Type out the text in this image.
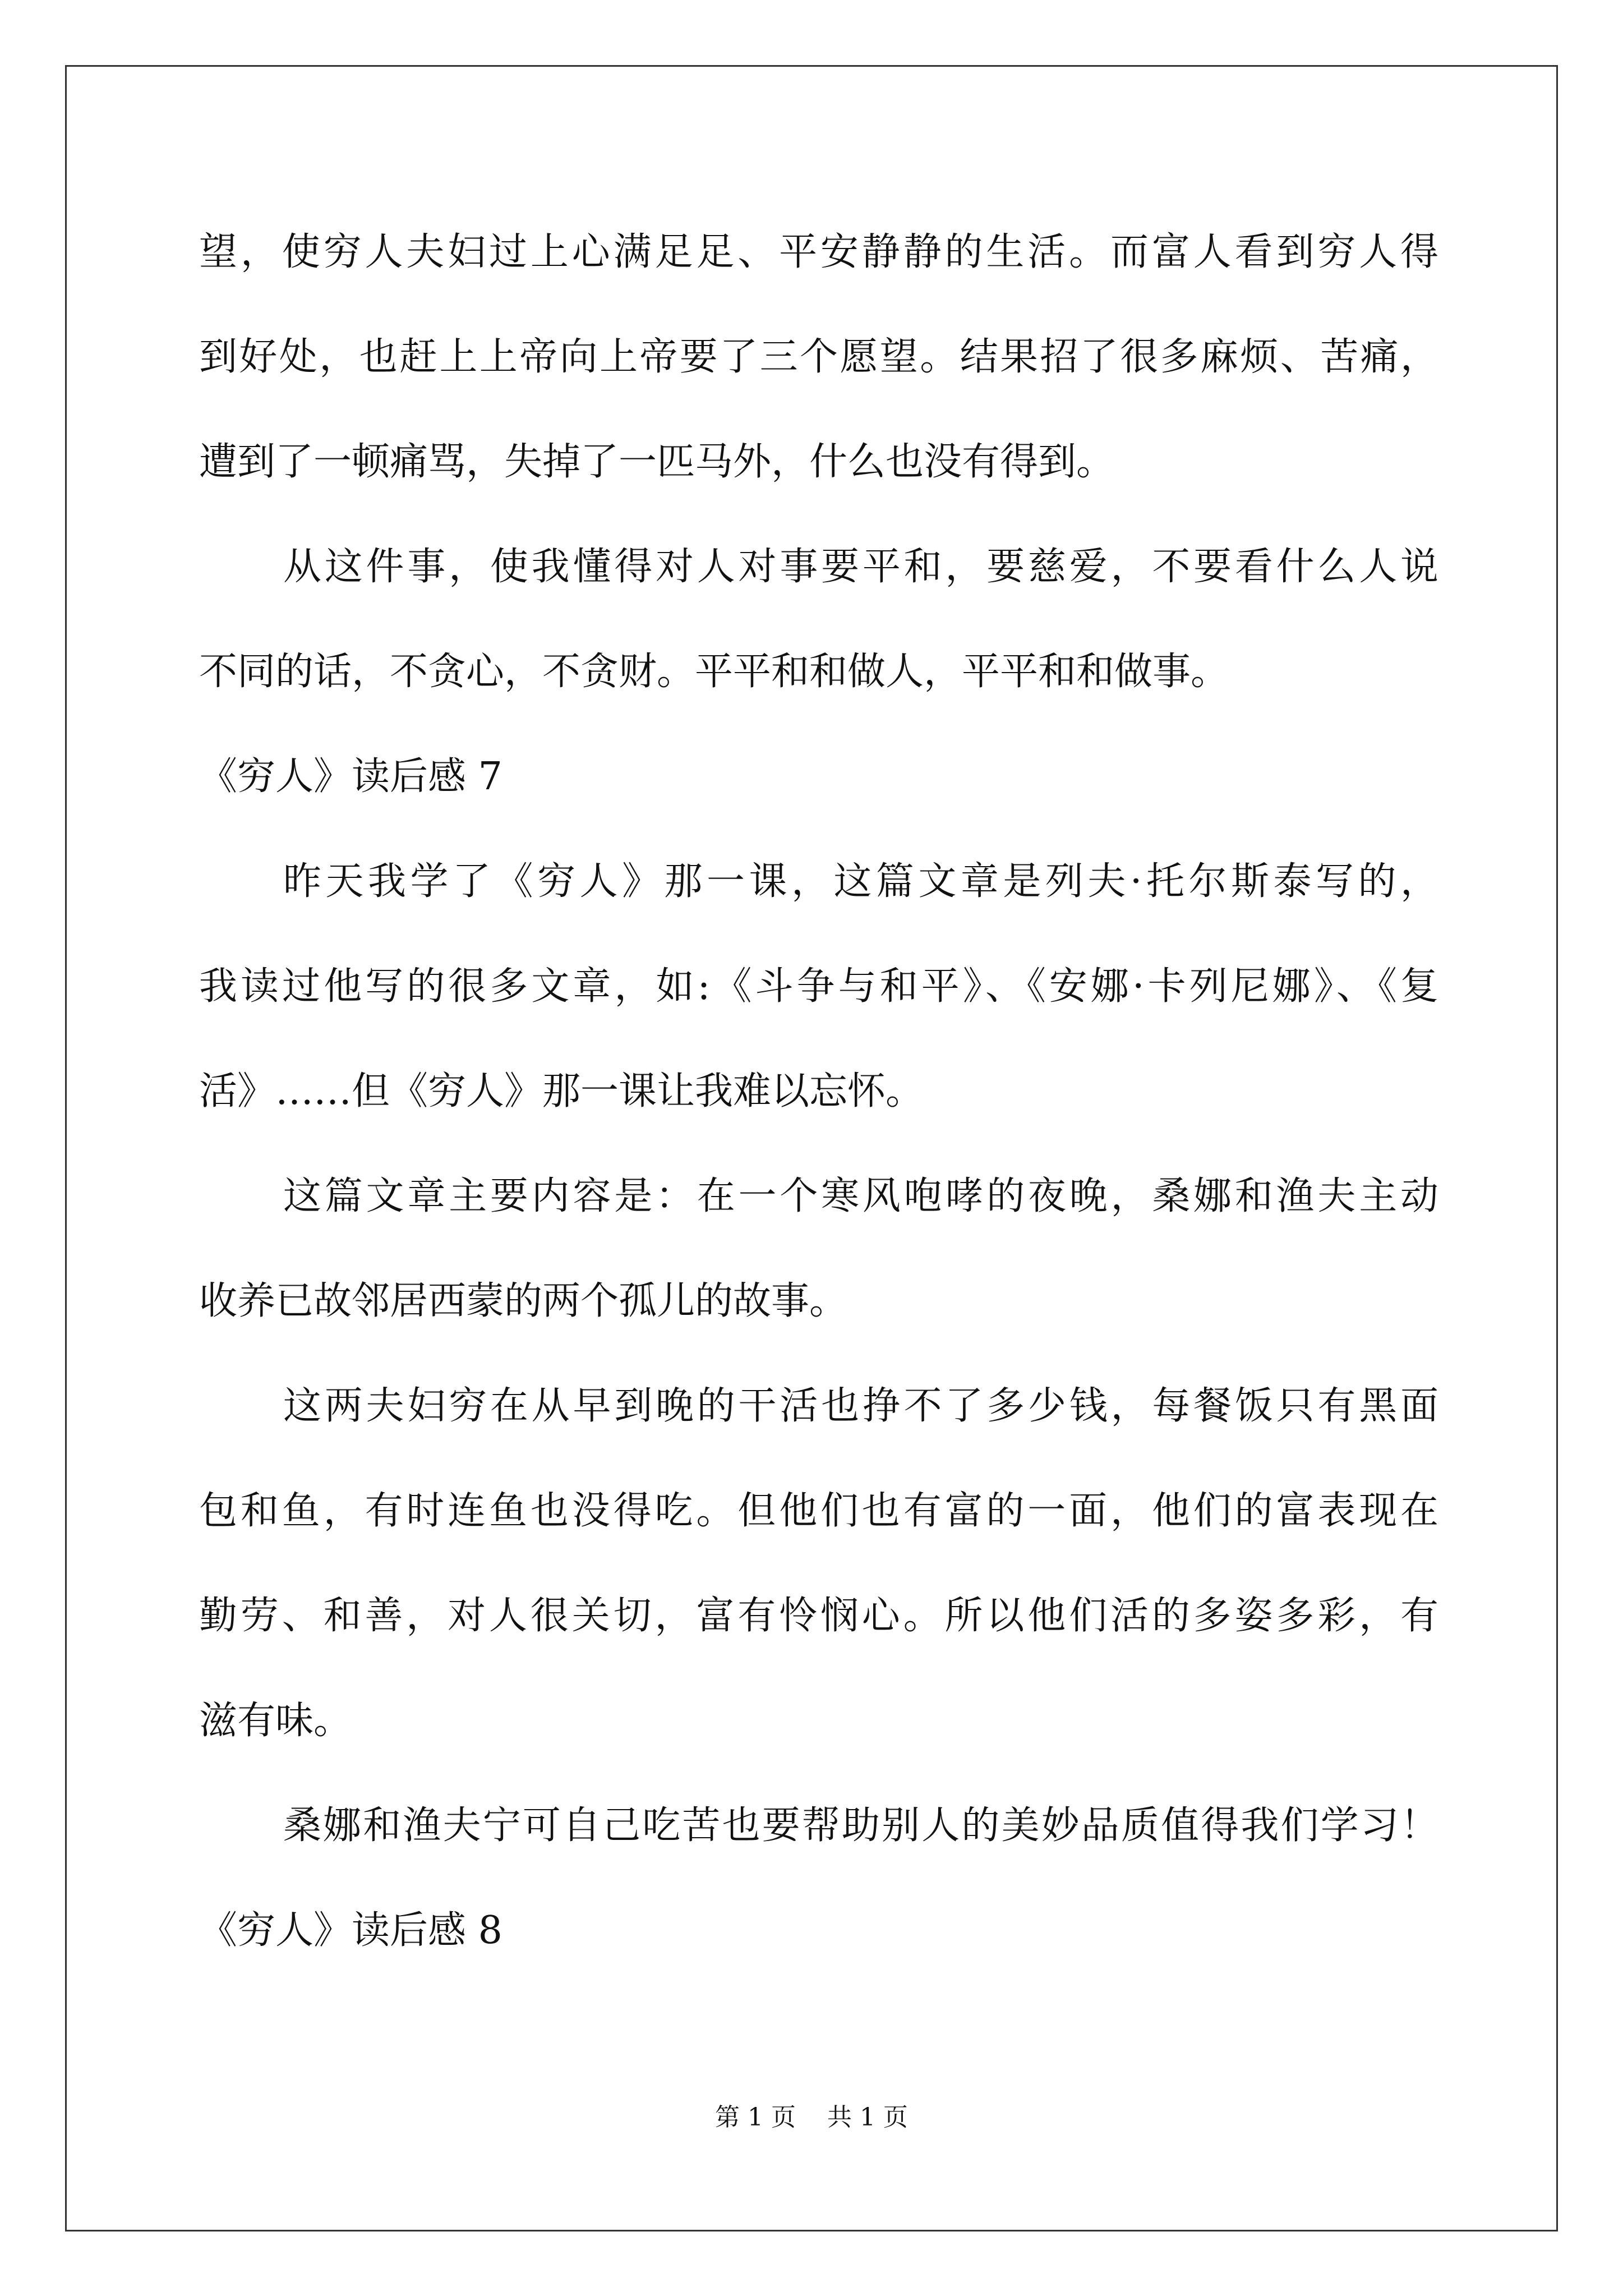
望，使穷人夫妇过上心满足足、平安静静的生活。而富人看到穷人得
到好处，也赶上上帝向上帝要了三个愿望。结果招了很多麻烦、苦痛，
遭到了一顿痛骂，失掉了一匹马外，什么也没有得到。
从这件事，使我懂得对人对事要平和，要慈爱，不要看什么人说
不同的话，不贪心，不贪财。平平和和做人，平平和和做事。
《穷人》读后感 7
昨天我学了《穷人》那一课，这篇文章是列夫·托尔斯泰写的，
我读过他写的很多文章，如:《斗争与和平》、《安娜·卡列尼娜》、《复
活》……但《穷人》那一课让我难以忘怀。
这篇文章主要内容是：在一个寒风咆哮的夜晚，桑娜和渔夫主动
收养已故邻居西蒙的两个孤儿的故事。
这两夫妇穷在从早到晚的干活也挣不了多少钱，每餐饭只有黑面
包和鱼，有时连鱼也没得吃。但他们也有富的一面，他们的富表现在
勤劳、和善，对人很关切，富有怜悯心。所以他们活的多姿多彩，有
滋有味。
桑娜和渔夫宁可自己吃苦也要帮助别人的美妙品质值得我们学习！
《穷人》读后感 8
第 1 页    共 1 页
